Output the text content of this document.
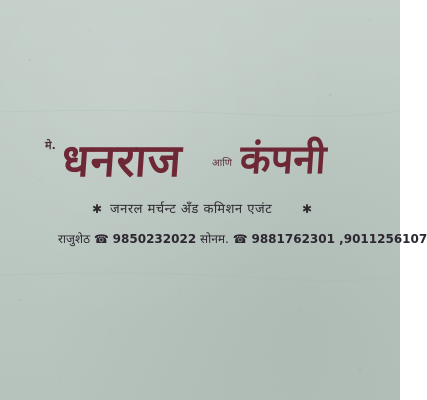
मे. धनराज	आणि कंपनी
✱ जनरल मर्चन्ट अँड कमिशन एजंट ✱
राजुशेठ ☎ 9850232022 सोनम. ☎ 9881762301 ,9011256107
